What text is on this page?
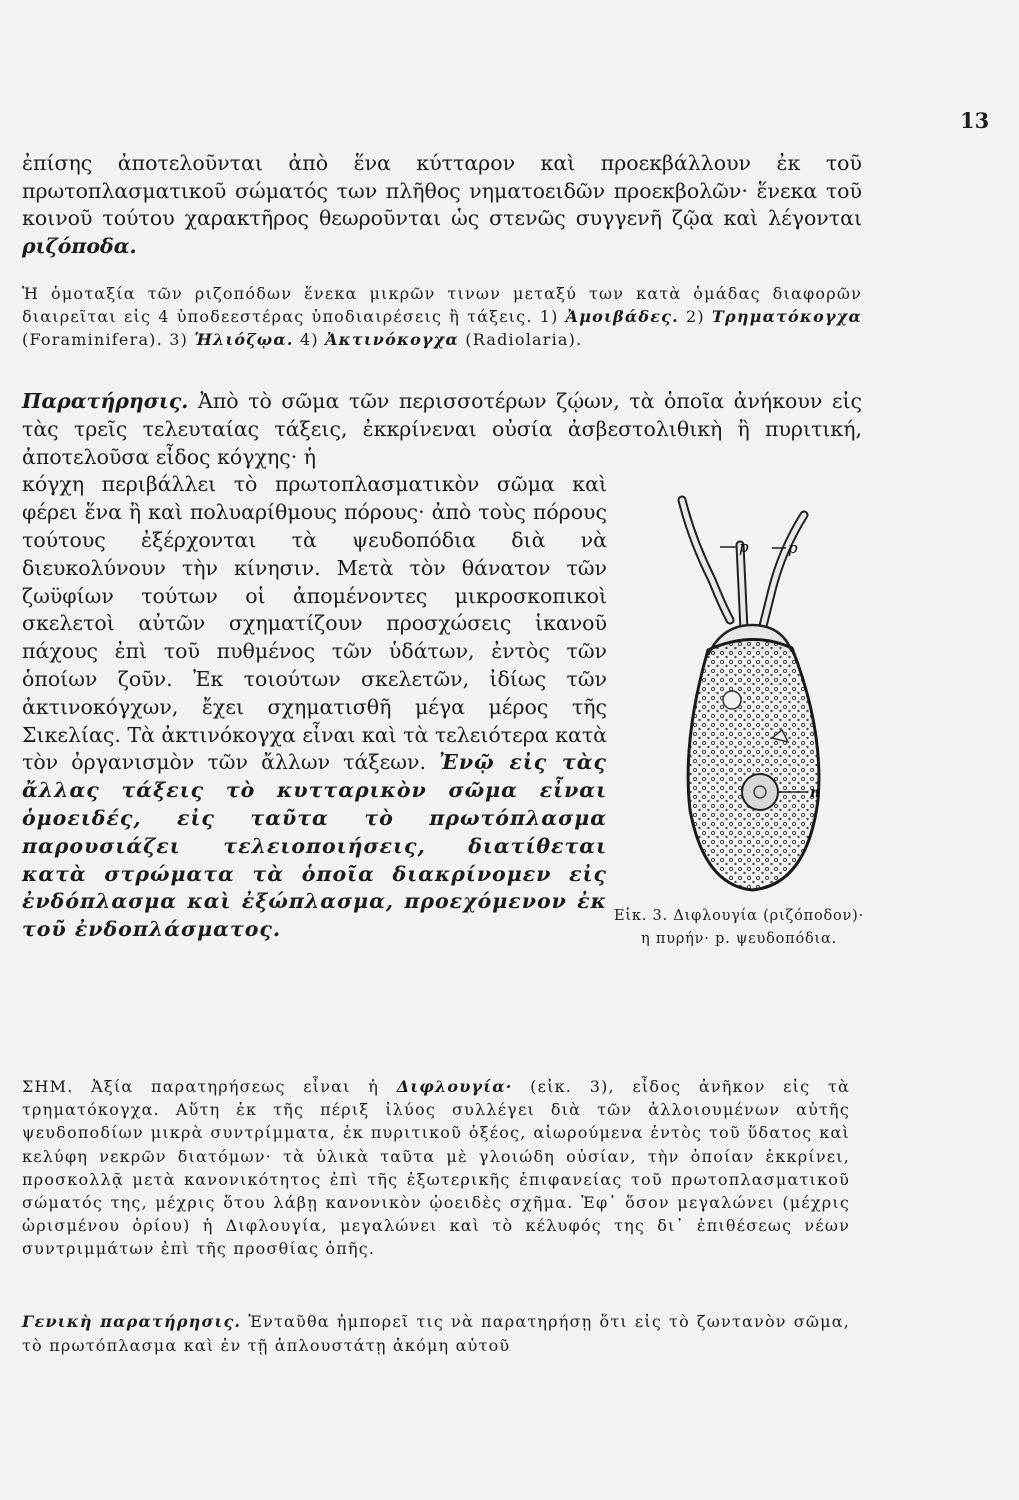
13

ἐπίσης ἀποτελοῦνται ἀπὸ ἕνα κύτταρον καὶ προεκβάλλουν ἐκ τοῦ πρωτοπλασματικοῦ σώματός των πλῆθος νηματοειδῶν προεκβολῶν· ἕνεκα τοῦ κοινοῦ τούτου χαρακτῆρος θεωροῦνται ὡς στενῶς συγγενῆ ζῷα καὶ λέγονται ριζόποδα.

Ἡ ὁμοταξία τῶν ριζοπόδων ἕνεκα μικρῶν τινων μεταξύ των κατὰ ὁμάδας διαφορῶν διαιρεῖται εἰς 4 ὑποδεεστέρας ὑποδιαιρέσεις ἢ τάξεις. 1) Ἀμοιβάδες. 2) Τρηματόκογχα (Foraminifera). 3) Ἡλιόζῳα. 4) Ἀκτινόκογχα (Radiolaria).

Παρατήρησις. Ἀπὸ τὸ σῶμα τῶν περισσοτέρων ζῴων, τὰ ὁποῖα ἀνήκουν εἰς τὰς τρεῖς τελευταίας τάξεις, ἐκκρίνεναι οὐσία ἀσβεστολιθικὴ ἢ πυριτική, ἀποτελοῦσα εἶδος κόγχης· ἡ

κόγχη περιβάλλει τὸ πρωτοπλασματικὸν σῶμα καὶ φέρει ἕνα ἢ καὶ πολυαρίθμους πόρους· ἀπὸ τοὺς πόρους τούτους ἐξέρχονται τὰ ψευδοπόδια διὰ νὰ διευκολύνουν τὴν κίνησιν. Μετὰ τὸν θάνατον τῶν ζωϋφίων τούτων οἱ ἀπομένοντες μικροσκοπικοὶ σκελετοὶ αὐτῶν σχηματίζουν προσχώσεις ἱκανοῦ πάχους ἐπὶ τοῦ πυθμένος τῶν ὑδάτων, ἐντὸς τῶν ὁποίων ζοῦν. Ἐκ τοιούτων σκελετῶν, ἰδίως τῶν ἀκτινοκόγχων, ἔχει σχηματισθῆ μέγα μέρος τῆς Σικελίας. Τὰ ἀκτινόκογχα εἶναι καὶ τὰ τελειότερα κατὰ τὸν ὀργανισμὸν τῶν ἄλλων τάξεων. Ἐνῷ εἰς τὰς ἄλλας τάξεις τὸ κυτταρικὸν σῶμα εἶναι ὁμοειδές, εἰς ταῦτα τὸ πρωτόπλασμα παρουσιάζει τελειοποιήσεις, διατίθεται κατὰ στρώματα τὰ ὁποῖα διακρίνομεν εἰς ἐνδόπλασμα καὶ ἐξώπλασμα, προεχόμενον ἐκ τοῦ ἐνδοπλάσματος.

p	p
n
Εἰκ. 3. Διφλουγία (ριζόποδον)· η πυρήν· p. ψευδοπόδια.

ΣΗΜ. Ἀξία παρατηρήσεως εἶναι ἡ Διφλουγία· (εἰκ. 3), εἶδος ἀνῆκον εἰς τὰ τρηματόκογχα. Αὕτη ἐκ τῆς πέριξ ἰλύος συλλέγει διὰ τῶν ἀλλοιουμένων αὐτῆς ψευδοποδίων μικρὰ συντρίμματα, ἐκ πυριτικοῦ ὀξέος, αἰωρούμενα ἐντὸς τοῦ ὕδατος καὶ κελύφη νεκρῶν διατόμων· τὰ ὑλικὰ ταῦτα μὲ γλοιώδη οὐσίαν, τὴν ὁποίαν ἐκκρίνει, προσκολλᾷ μετὰ κανονικότητος ἐπὶ τῆς ἐξωτερικῆς ἐπιφανείας τοῦ πρωτοπλασματικοῦ σώματός της, μέχρις ὅτου λάβῃ κανονικὸν ᾠοειδὲς σχῆμα. Ἐφ᾽ ὅσον μεγαλώνει (μέχρις ὡρισμένου ὁρίου) ἡ Διφλουγία, μεγαλώνει καὶ τὸ κέλυφός της δι᾽ ἐπιθέσεως νέων συντριμμάτων ἐπὶ τῆς προσθίας ὀπῆς.

Γενικὴ παρατήρησις. Ἐνταῦθα ἠμπορεῖ τις νὰ παρατηρήσῃ ὅτι εἰς τὸ ζωντανὸν σῶμα, τὸ πρωτόπλασμα καὶ ἐν τῇ ἁπλουστάτῃ ἀκόμη αὐτοῦ
